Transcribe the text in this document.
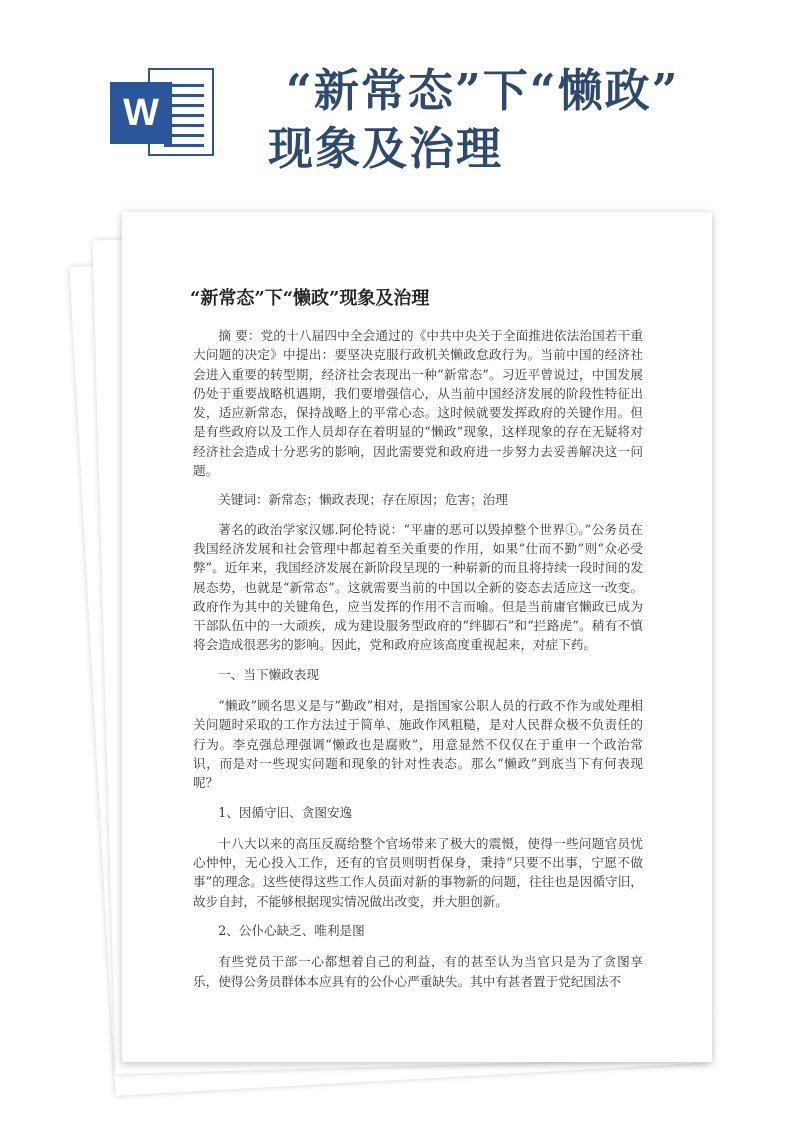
W	“新常态”下“懒政”
现象及治理
“新常态”下“懒政”现象及治理

摘 要：党的十八届四中全会通过的《中共中央关于全面推进依法治国若干重大问题的决定》中提出：要坚决克服行政机关懒政怠政行为。当前中国的经济社会进入重要的转型期，经济社会表现出一种“新常态”。习近平曾说过，中国发展仍处于重要战略机遇期，我们要增强信心，从当前中国经济发展的阶段性特征出发，适应新常态，保持战略上的平常心态。这时候就要发挥政府的关键作用。但是有些政府以及工作人员却存在着明显的“懒政”现象，这样现象的存在无疑将对经济社会造成十分恶劣的影响，因此需要党和政府进一步努力去妥善解决这一问题。

关键词：新常态；懒政表现；存在原因；危害；治理

著名的政治学家汉娜.阿伦特说：“平庸的恶可以毁掉整个世界①。”公务员在我国经济发展和社会管理中都起着至关重要的作用，如果“仕而不勤”则“众必受弊”。近年来，我国经济发展在新阶段呈现的一种崭新的而且将持续一段时间的发展态势，也就是“新常态”。这就需要当前的中国以全新的姿态去适应这一改变。政府作为其中的关键角色，应当发挥的作用不言而喻。但是当前庸官懒政已成为干部队伍中的一大顽疾，成为建设服务型政府的“绊脚石”和“拦路虎”。稍有不慎将会造成很恶劣的影响。因此，党和政府应该高度重视起来，对症下药。

一、当下懒政表现

“懒政”顾名思义是与“勤政”相对，是指国家公职人员的行政不作为或处理相关问题时采取的工作方法过于简单、施政作风粗糙，是对人民群众极不负责任的行为。李克强总理强调“懒政也是腐败”，用意显然不仅仅在于重申一个政治常识，而是对一些现实问题和现象的针对性表态。那么“懒政”到底当下有何表现呢？

1、因循守旧、贪图安逸

十八大以来的高压反腐给整个官场带来了极大的震慑，使得一些问题官员忧心忡忡，无心投入工作，还有的官员则明哲保身，秉持“只要不出事，宁愿不做事”的理念。这些使得这些工作人员面对新的事物新的问题，往往也是因循守旧，故步自封，不能够根据现实情况做出改变，并大胆创新。

2、公仆心缺乏、唯利是图

有些党员干部一心都想着自己的利益，有的甚至认为当官只是为了贪图享乐，使得公务员群体本应具有的公仆心严重缺失。其中有甚者置于党纪国法不
